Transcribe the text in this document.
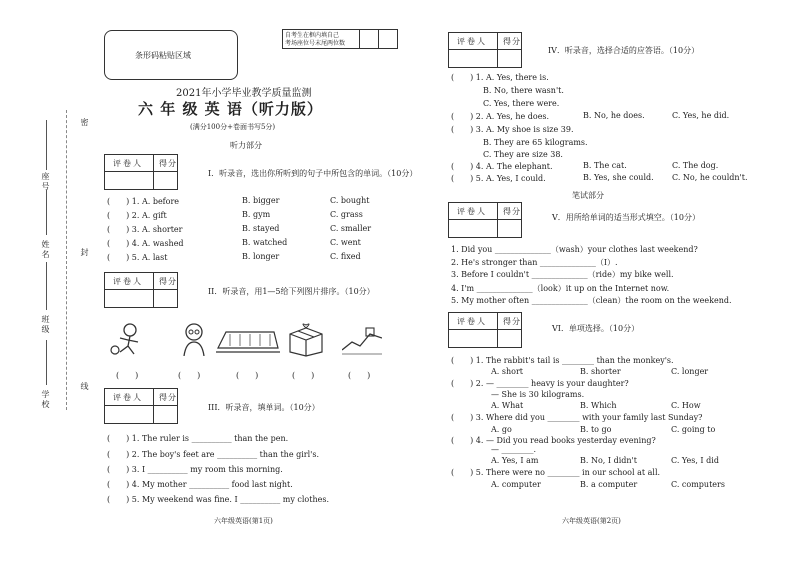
密
座号
姓名	封
班级
线
学校
条形码粘贴区域
自考生在框内填自己
考场座位号末尾两位数
2021年小学毕业教学质量监测
六 年 级 英 语（听力版）
(满分100分+卷面书写5分)
听力部分
评卷人 得分
I．听录音，选出你所听到的句子中所包含的单词。（10分）
(　　) 1. A. before	B. bigger	C. bought
(　　) 2. A. gift	B. gym	C. grass
(　　) 3. A. shorter	B. stayed	C. smaller
(　　) 4. A. washed	B. watched	C. went
(　　) 5. A. last	B. longer	C. fixed
评卷人 得分
II．听录音，用1—5给下列图片排序。（10分）
(　　)	(　　)	(　　)	(　　)	(　　)
评卷人 得分
III．听录音，填单词。（10分）
(　　) 1. The ruler is __________ than the pen.
(　　) 2. The boy's feet are __________ than the girl's.
(　　) 3. I __________ my room this morning.
(　　) 4. My mother __________ food last night.
(　　) 5. My weekend was fine. I __________ my clothes.
六年级英语(第1页)
评卷人 得分
IV．听录音，选择合适的应答语。（10分）
(　　) 1. A. Yes, there is.
　　　　B. No, there wasn't.
　　　　C. Yes, there were.
(　　) 2. A. Yes, he does.	B. No, he does.	C. Yes, he did.
(　　) 3. A. My shoe is size 39.
　　　　B. They are 65 kilograms.
　　　　C. They are size 38.
(　　) 4. A. The elephant.	B. The cat.	C. The dog.
(　　) 5. A. Yes, I could.	B. Yes, she could. C. No, he couldn't.
笔试部分
评卷人 得分
V．用所给单词的适当形式填空。（10分）
1. Did you ______________（wash）your clothes last weekend?
2. He's stronger than ______________（I）.
3. Before I couldn't ______________（ride）my bike well.
4. I'm ______________（look）it up on the Internet now.
5. My mother often ______________（clean）the room on the weekend.
评卷人 得分
VI．单项选择。（10分）
(　　) 1. The rabbit's tail is ________ than the monkey's.
A. short	B. shorter	C. longer
(　　) 2. — ________ heavy is your daughter?
— She is 30 kilograms.
A. What	B. Which	C. How
(　　) 3. Where did you ________ with your family last Sunday?
A. go	B. to go	C. going to
(　　) 4. — Did you read books yesterday evening?
— ________.
A. Yes, I am	B. No, I didn't	C. Yes, I did
(　　) 5. There were no ________ in our school at all.
A. computer	B. a computer	C. computers
六年级英语(第2页)
